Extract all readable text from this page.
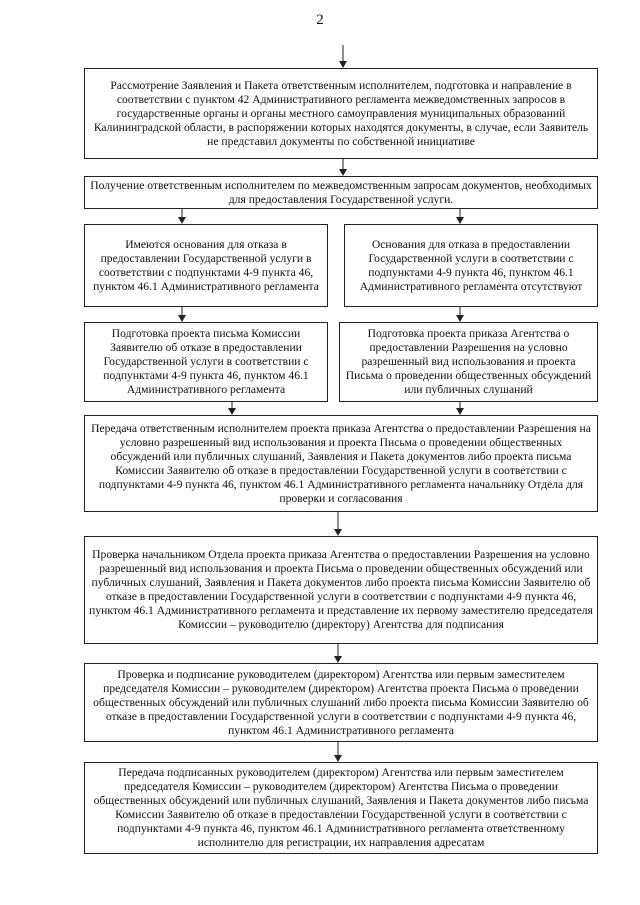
2
Рассмотрение Заявления и Пакета ответственным исполнителем, подготовка и направление в соответствии с пунктом 42 Административного регламента межведомственных запросов в государственные органы и органы местного самоуправления муниципальных образований Калининградской области, в распоряжении которых находятся документы, в случае, если Заявитель не представил документы по собственной инициативе
Получение ответственным исполнителем по межведомственным запросам документов, необходимых для предоставления Государственной услуги.
Имеются основания для отказа в предоставлении Государственной услуги в соответствии с подпунктами 4-9 пункта 46, пунктом 46.1 Административного регламента
Основания для отказа в предоставлении Государственной услуги в соответствии с подпунктами 4-9 пункта 46, пунктом 46.1 Административного регламента отсутствуют
Подготовка проекта письма Комиссии Заявителю об отказе в предоставлении Государственной услуги в соответствии с подпунктами 4-9 пункта 46, пунктом 46.1 Административного регламента
Подготовка проекта приказа Агентства о предоставлении Разрешения на условно разрешенный вид использования и проекта Письма о проведении общественных обсуждений или публичных слушаний
Передача ответственным исполнителем проекта приказа Агентства о предоставлении Разрешения на условно разрешенный вид использования и проекта Письма о проведении общественных обсуждений или публичных слушаний, Заявления и Пакета документов либо проекта письма Комиссии Заявителю об отказе в предоставлении Государственной услуги в соответствии с подпунктами 4-9 пункта 46, пунктом 46.1 Административного регламента начальнику Отдела для проверки и согласования
Проверка начальником Отдела проекта приказа Агентства о предоставлении Разрешения на условно разрешенный вид использования и проекта Письма о проведении общественных обсуждений или публичных слушаний, Заявления и Пакета документов либо проекта письма Комиссии Заявителю об отказе в предоставлении Государственной услуги в соответствии с подпунктами 4-9 пункта 46, пунктом 46.1 Административного регламента и представление их первому заместителю председателя Комиссии – руководителю (директору) Агентства для подписания
Проверка и подписание руководителем (директором) Агентства или первым заместителем председателя Комиссии – руководителем (директором) Агентства проекта Письма о проведении общественных обсуждений или публичных слушаний либо проекта письма Комиссии Заявителю об отказе в предоставлении Государственной услуги в соответствии с подпунктами 4-9 пункта 46, пунктом 46.1 Административного регламента
Передача подписанных руководителем (директором) Агентства или первым заместителем председателя Комиссии – руководителем (директором) Агентства Письма о проведении общественных обсуждений или публичных слушаний, Заявления и Пакета документов либо письма Комиссии Заявителю об отказе в предоставлении Государственной услуги в соответствии с подпунктами 4-9 пункта 46, пунктом 46.1 Административного регламента ответственному исполнителю для регистрации, их направления адресатам
